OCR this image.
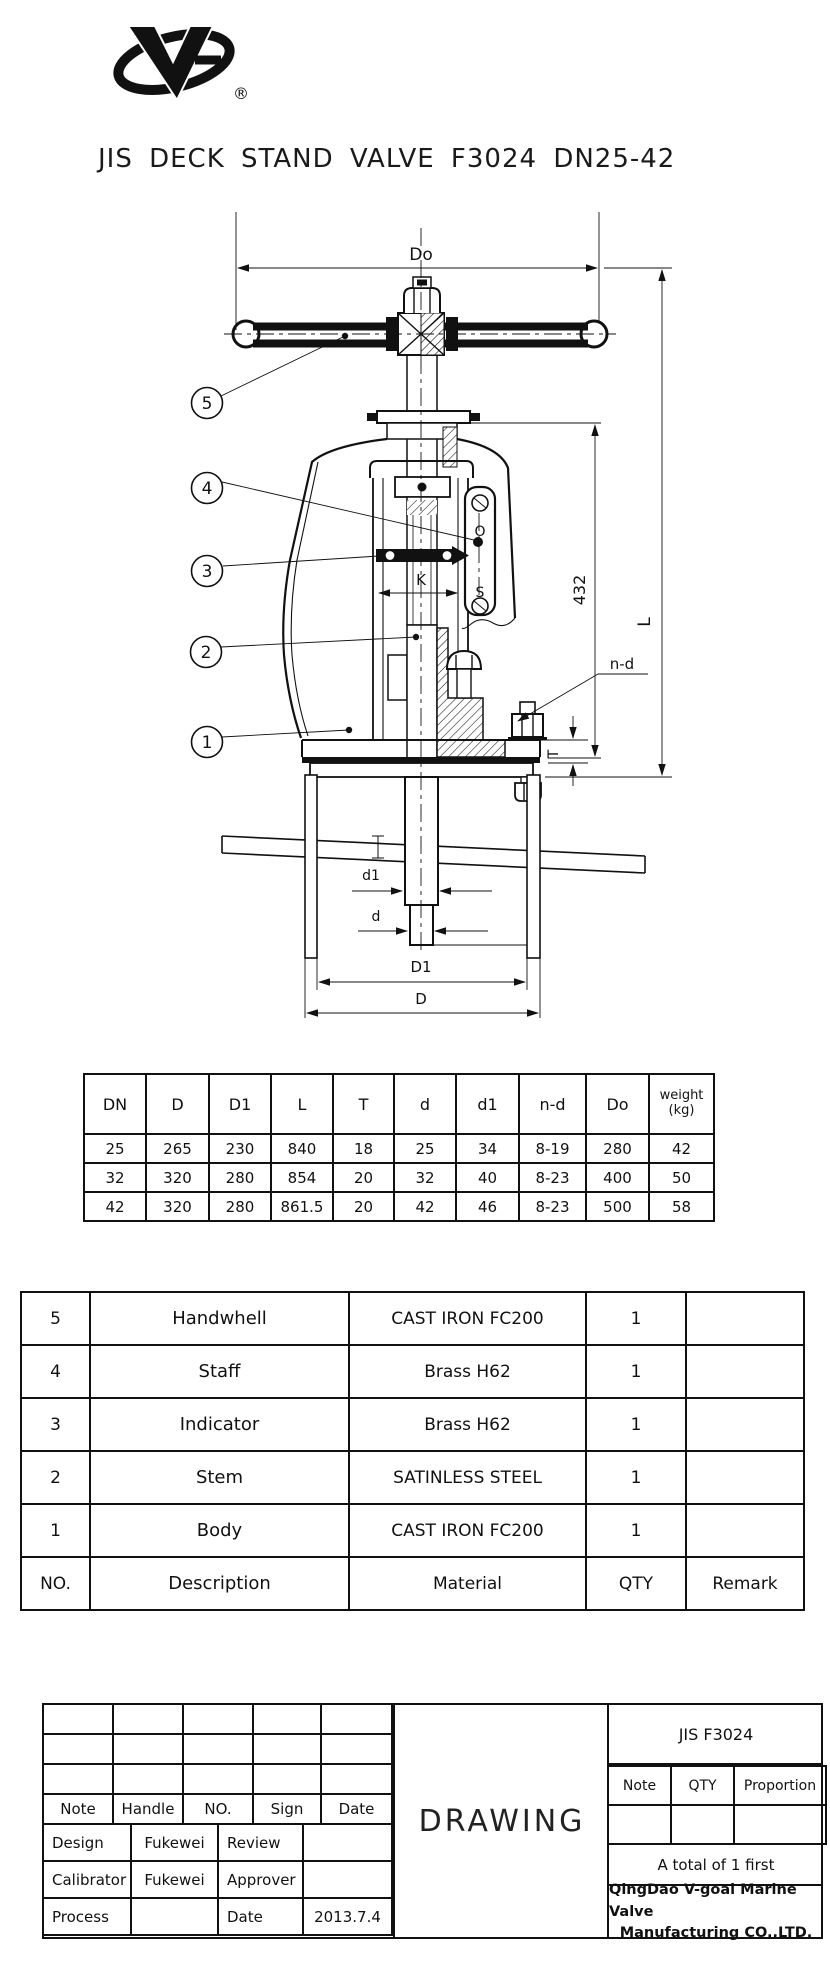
®
JIS DECK STAND VALVE F3024 DN25-42
Do
L
432
n-d
K
T
O
S
d1
d
D1
D
5
4
3
2
1
DN	D	D1	L	T	d	d1	n-d	Do	weight
(kg)

25	265	230	840	18	25	34	8-19	280	42
32	320	280	854	20	32	40	8-23	400	50
42	320	280	861.5	20	42	46	8-23	500	58
5	Handwhell	CAST IRON FC200	1	
4	Staff	Brass H62	1	
3	Indicator	Brass H62	1	
2	Stem	SATINLESS STEEL	1	
1	Body	CAST IRON FC200	1	
NO.	Description	Material	QTY	Remark

Note	Handle	NO.	Sign	Date
Design	Fukewei	Review	
Calibrator	Fukewei	Approver	
Process		Date	2013.7.4
DRAWING
JIS F3024
Note	QTY	Proportion

A total of 1 first
QingDao V-goal Marine Valve
Manufacturing CO.,LTD.
